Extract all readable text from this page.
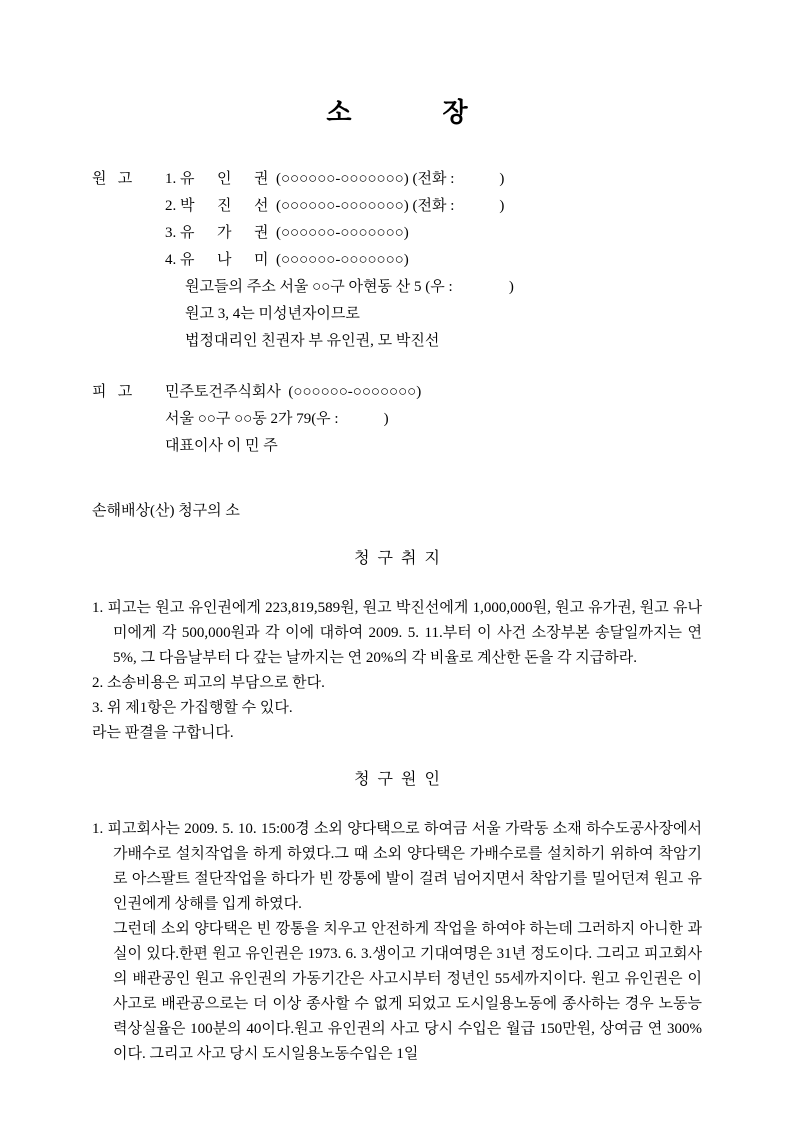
소              장
원   고	1. 유      인      권  (○○○○○○-○○○○○○○) (전화 :            )
2. 박      진      선  (○○○○○○-○○○○○○○) (전화 :            )
3. 유      가      권  (○○○○○○-○○○○○○○)
4. 유      나      미  (○○○○○○-○○○○○○○)
원고들의 주소 서울 ○○구 아현동 산 5 (우 :               )
원고 3, 4는 미성년자이므로
법정대리인 친권자 부 유인권, 모 박진선
피   고	민주토건주식회사  (○○○○○○-○○○○○○○)
서울 ○○구 ○○동 2가 79(우 :            )
대표이사 이 민 주
손해배상(산) 청구의 소
청  구  취  지
1. 피고는 원고 유인권에게 223,819,589원, 원고 박진선에게 1,000,000원, 원고 유가권, 원고 유나미에게 각 500,000원과 각 이에 대하여 2009. 5. 11.부터 이 사건 소장부본 송달일까지는 연 5%, 그 다음날부터 다 갚는 날까지는 연 20%의 각 비율로 계산한 돈을 각 지급하라.
2. 소송비용은 피고의 부담으로 한다.
3. 위 제1항은 가집행할 수 있다.
라는 판결을 구합니다.
청  구  원  인
1. 피고회사는 2009. 5. 10. 15:00경 소외 양다택으로 하여금 서울 가락동 소재 하수도공사장에서 가배수로 설치작업을 하게 하였다.그 때 소외 양다택은 가배수로를 설치하기 위하여 착암기로 아스팔트 절단작업을 하다가 빈 깡통에 발이 걸려 넘어지면서 착암기를 밀어던져 원고 유인권에게 상해를 입게 하였다.
그런데 소외 양다택은 빈 깡통을 치우고 안전하게 작업을 하여야 하는데 그러하지 아니한 과실이 있다.한편 원고 유인권은 1973. 6. 3.생이고 기대여명은 31년 정도이다. 그리고 피고회사의 배관공인 원고 유인권의 가동기간은 사고시부터 정년인 55세까지이다. 원고 유인권은 이 사고로 배관공으로는 더 이상 종사할 수 없게 되었고 도시일용노동에 종사하는 경우 노동능력상실율은 100분의 40이다.원고 유인권의 사고 당시 수입은 월급 150만원, 상여금 연 300%이다. 그리고 사고 당시 도시일용노동수입은 1일
